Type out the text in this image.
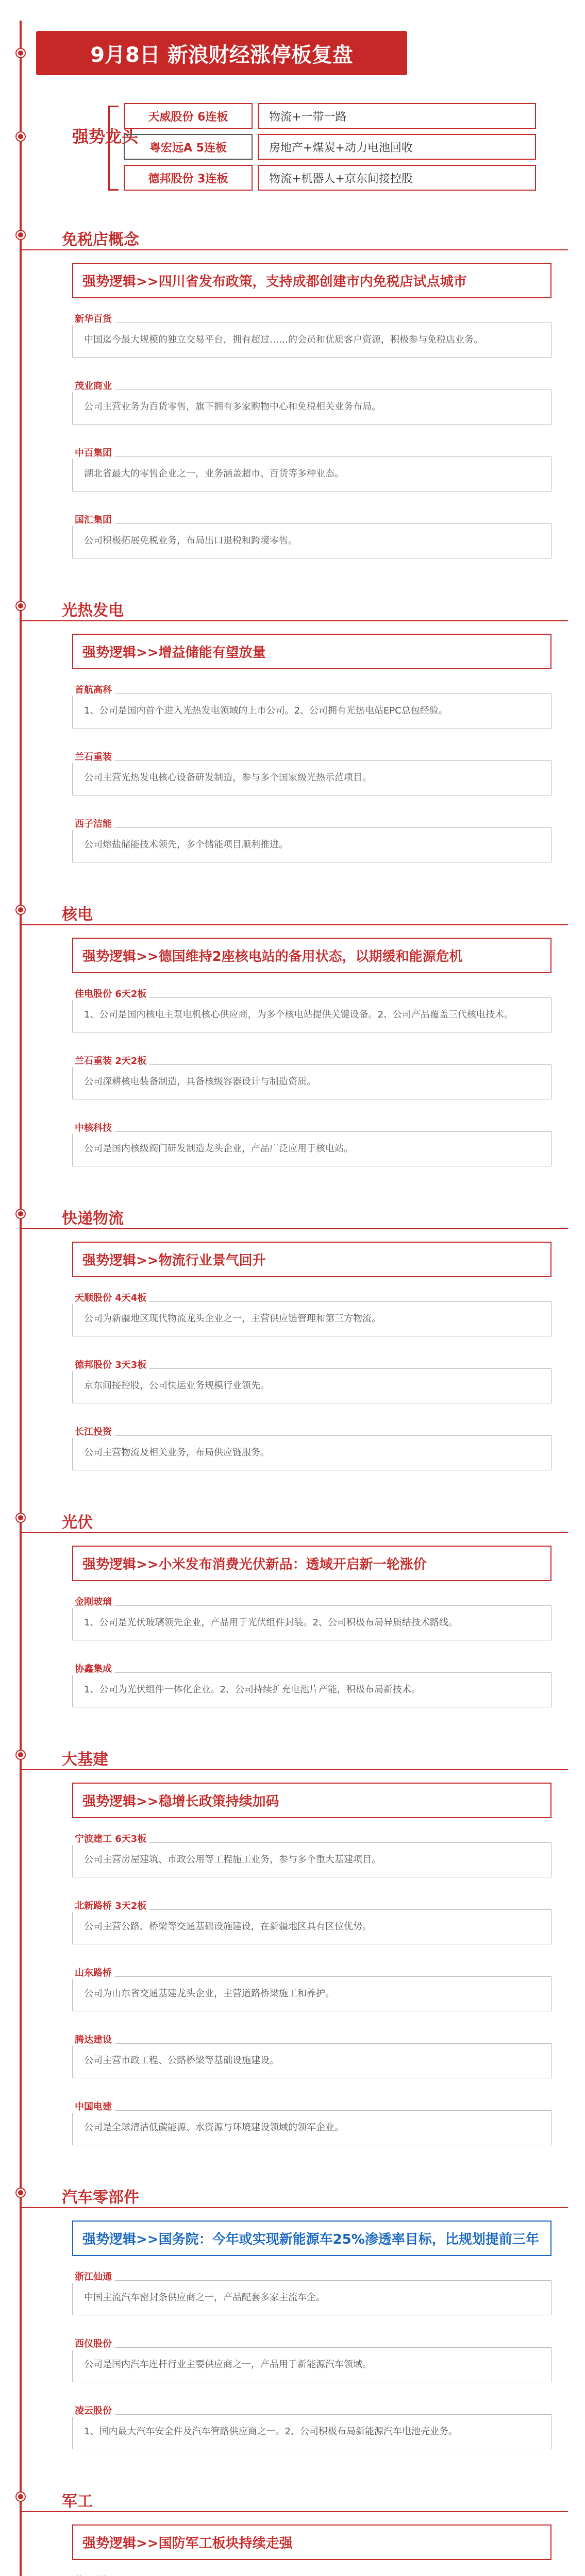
9月8日 新浪财经涨停板复盘
强势龙头
天威股份 6连板	物流+一带一路
粤宏远A 5连板	房地产+煤炭+动力电池回收
德邦股份 3连板	物流+机器人+京东间接控股
免税店概念
强势逻辑>>四川省发布政策，支持成都创建市内免税店试点城市
新华百货
中国迄今最大规模的独立交易平台，拥有超过……的会员和优质客户资源，积极参与免税店业务。
茂业商业
公司主营业务为百货零售，旗下拥有多家购物中心和免税相关业务布局。
中百集团
湖北省最大的零售企业之一，业务涵盖超市、百货等多种业态。
国汇集团
公司积极拓展免税业务，布局出口退税和跨境零售。
光热发电
强势逻辑>>增益储能有望放量
首航高科
1、公司是国内首个进入光热发电领域的上市公司。2、公司拥有光热电站EPC总包经验。
兰石重装
公司主营光热发电核心设备研发制造，参与多个国家级光热示范项目。
西子洁能
公司熔盐储能技术领先，多个储能项目顺利推进。
核电
强势逻辑>>德国维持2座核电站的备用状态，以期缓和能源危机
佳电股份 6天2板
1、公司是国内核电主泵电机核心供应商，为多个核电站提供关键设备。2、公司产品覆盖三代核电技术。
兰石重装 2天2板
公司深耕核电装备制造，具备核级容器设计与制造资质。
中核科技
公司是国内核级阀门研发制造龙头企业，产品广泛应用于核电站。
快递物流
强势逻辑>>物流行业景气回升
天顺股份 4天4板
公司为新疆地区现代物流龙头企业之一，主营供应链管理和第三方物流。
德邦股份 3天3板
京东间接控股，公司快运业务规模行业领先。
长江投资
公司主营物流及相关业务，布局供应链服务。
光伏
强势逻辑>>小米发布消费光伏新品：透域开启新一轮涨价
金刚玻璃
1、公司是光伏玻璃领先企业，产品用于光伏组件封装。2、公司积极布局异质结技术路线。
协鑫集成
1、公司为光伏组件一体化企业。2、公司持续扩充电池片产能，积极布局新技术。
大基建
强势逻辑>>稳增长政策持续加码
宁波建工 6天3板
公司主营房屋建筑、市政公用等工程施工业务，参与多个重大基建项目。
北新路桥 3天2板
公司主营公路、桥梁等交通基础设施建设，在新疆地区具有区位优势。
山东路桥
公司为山东省交通基建龙头企业，主营道路桥梁施工和养护。
腾达建设
公司主营市政工程、公路桥梁等基础设施建设。
中国电建
公司是全球清洁低碳能源、水资源与环境建设领域的领军企业。
汽车零部件
强势逻辑>>国务院：今年或实现新能源车25%渗透率目标，比规划提前三年
浙江仙通
中国主流汽车密封条供应商之一，产品配套多家主流车企。
西仪股份
公司是国内汽车连杆行业主要供应商之一，产品用于新能源汽车领域。
凌云股份
1、国内最大汽车安全件及汽车管路供应商之一。2、公司积极布局新能源汽车电池壳业务。
军工
强势逻辑>>国防军工板块持续走强
